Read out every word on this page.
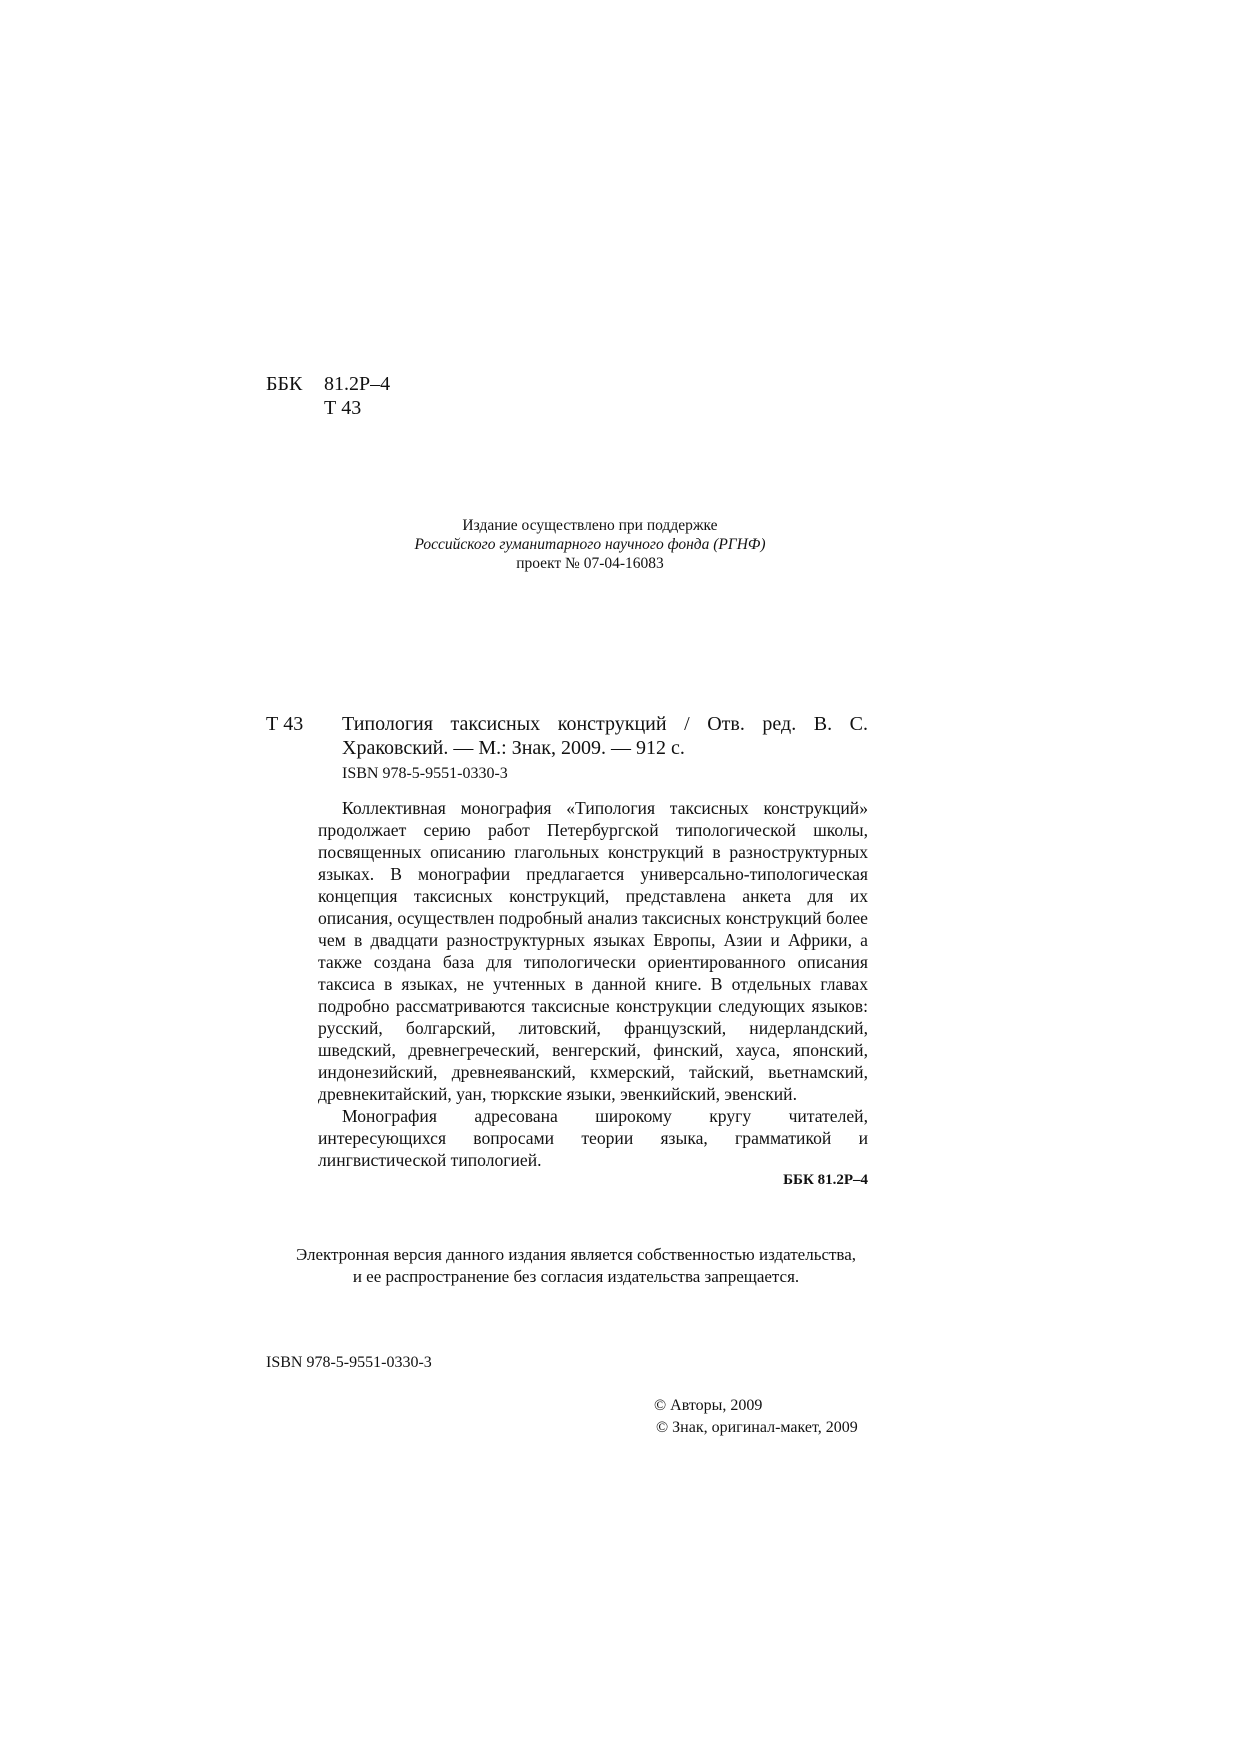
ББК 81.2Р–4
Т 43
Издание осуществлено при поддержке
Российского гуманитарного научного фонда (РГНФ)
проект № 07-04-16083
Т 43 Типология таксисных конструкций / Отв. ред. В. С. Храковский. — М.: Знак, 2009. — 912 с.
ISBN 978-5-9551-0330-3

Коллективная монография «Типология таксисных конструкций» продолжает серию работ Петербургской типологической школы, посвященных описанию глагольных конструкций в разноструктурных языках. В монографии предлагается универсально-типологическая концепция таксисных конструкций, представлена анкета для их описания, осуществлен подробный анализ таксисных конструкций более чем в двадцати разноструктурных языках Европы, Азии и Африки, а также создана база для типологически ориентированного описания таксиса в языках, не учтенных в данной книге. В отдельных главах подробно рассматриваются таксисные конструкции следующих языков: русский, болгарский, литовский, французский, нидерландский, шведский, древнегреческий, венгерский, финский, хауса, японский, индонезийский, древнеяванский, кхмерский, тайский, вьетнамский, древнекитайский, уан, тюркские языки, эвенкийский, эвенский.

Монография адресована широкому кругу читателей, интересующихся вопросами теории языка, грамматикой и лингвистической типологией.

ББК 81.2Р–4
Электронная версия данного издания является собственностью издательства,
и ее распространение без согласия издательства запрещается.
ISBN 978-5-9551-0330-3
© Авторы, 2009
© Знак, оригинал-макет, 2009
